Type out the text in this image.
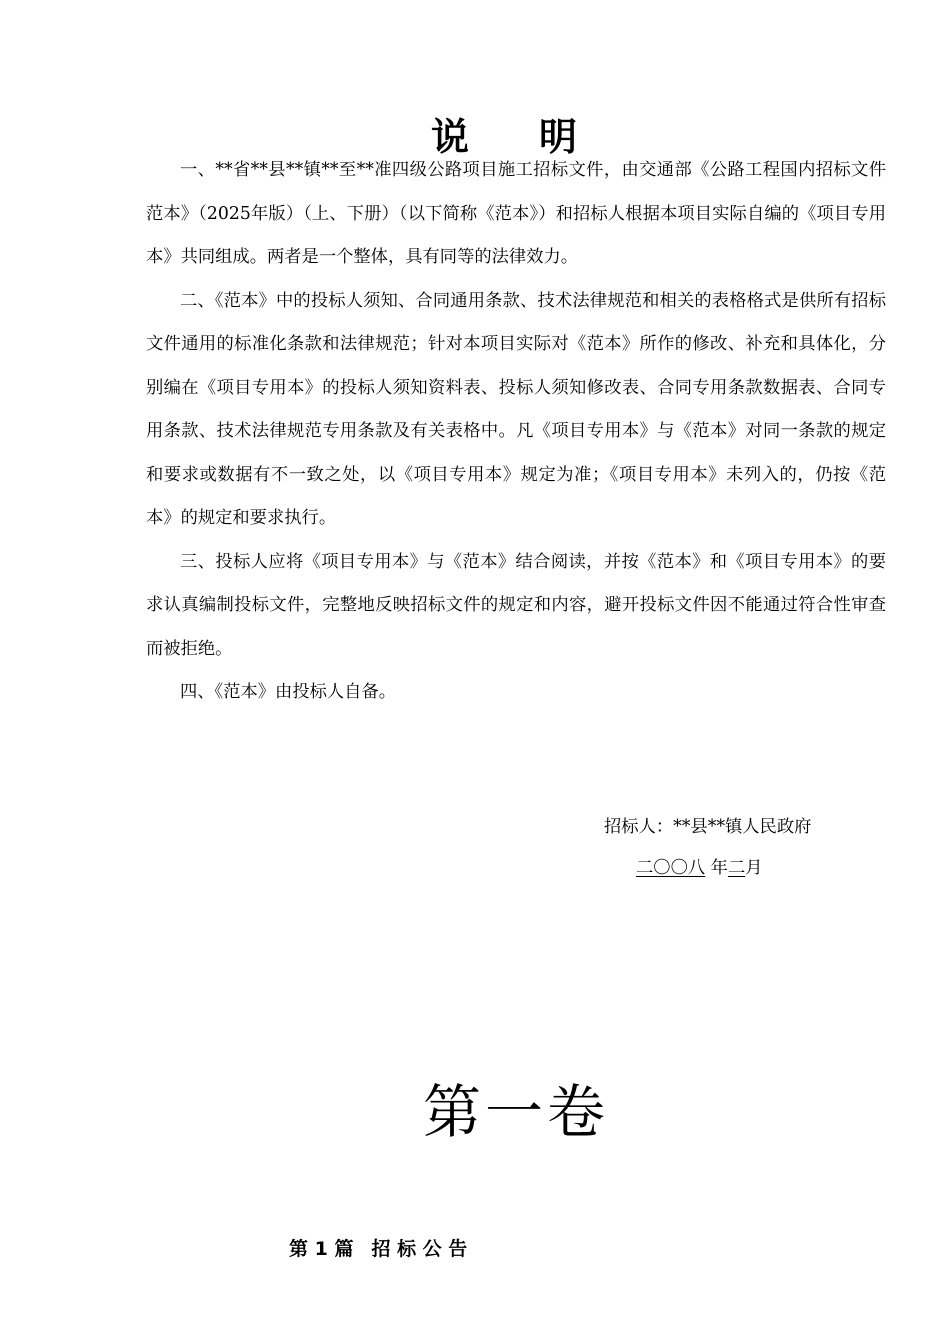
说 明

一、**省**县**镇**至**准四级公路项目施工招标文件，由交通部《公路工程国内招标文件范本》（2025年版）（上、下册）（以下简称《范本》）和招标人根据本项目实际自编的《项目专用本》共同组成。两者是一个整体，具有同等的法律效力。

二、《范本》中的投标人须知、合同通用条款、技术法律规范和相关的表格格式是供所有招标文件通用的标准化条款和法律规范；针对本项目实际对《范本》所作的修改、补充和具体化，分别编在《项目专用本》的投标人须知资料表、投标人须知修改表、合同专用条款数据表、合同专用条款、技术法律规范专用条款及有关表格中。凡《项目专用本》与《范本》对同一条款的规定和要求或数据有不一致之处，以《项目专用本》规定为准；《项目专用本》未列入的，仍按《范本》的规定和要求执行。

三、投标人应将《项目专用本》与《范本》结合阅读，并按《范本》和《项目专用本》的要求认真编制投标文件，完整地反映招标文件的规定和内容，避开投标文件因不能通过符合性审查而被拒绝。

四、《范本》由投标人自备。

招标人：**县**镇人民政府
二〇〇八 年二月
第一卷
第 1 篇 招 标 公 告
